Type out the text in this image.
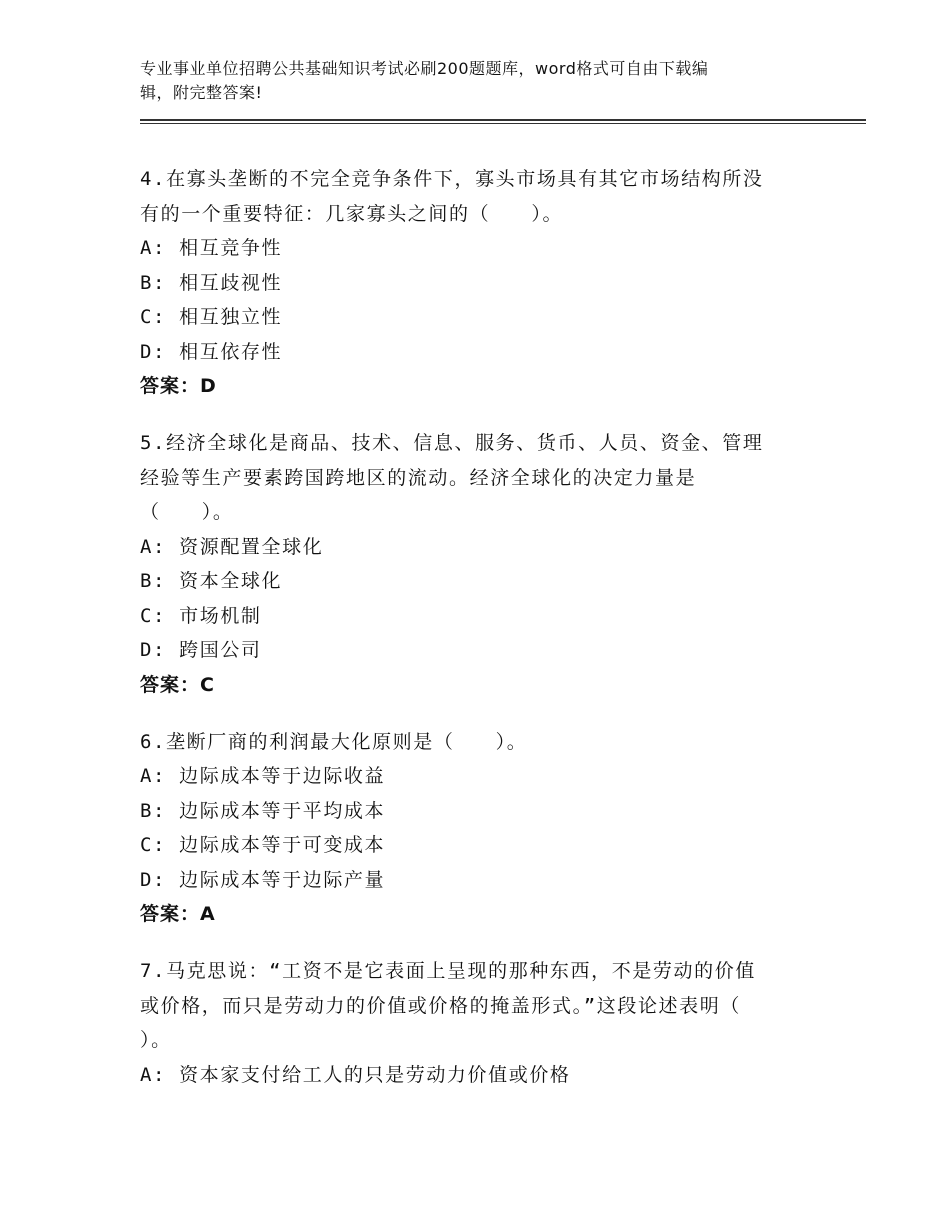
专业事业单位招聘公共基础知识考试必刷200题题库，word格式可自由下载编
辑，附完整答案!
4.在寡头垄断的不完全竞争条件下，寡头市场具有其它市场结构所没
有的一个重要特征：几家寡头之间的（　　）。
A: 相互竞争性
B: 相互歧视性
C: 相互独立性
D: 相互依存性
答案：D
5.经济全球化是商品、技术、信息、服务、货币、人员、资金、管理
经验等生产要素跨国跨地区的流动。经济全球化的决定力量是
（　　）。
A: 资源配置全球化
B: 资本全球化
C: 市场机制
D: 跨国公司
答案：C
6.垄断厂商的利润最大化原则是（　　）。
A: 边际成本等于边际收益
B: 边际成本等于平均成本
C: 边际成本等于可变成本
D: 边际成本等于边际产量
答案：A
7.马克思说：“工资不是它表面上呈现的那种东西，不是劳动的价值
或价格，而只是劳动力的价值或价格的掩盖形式。”这段论述表明（
）。
A: 资本家支付给工人的只是劳动力价值或价格
